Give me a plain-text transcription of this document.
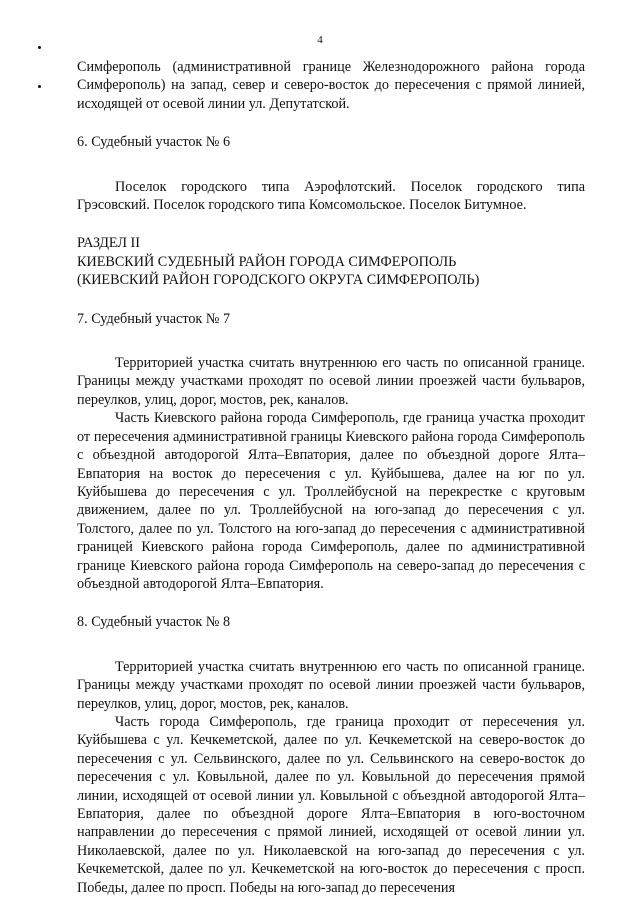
4

Симферополь (административной границе Железнодорожного района города Симферополь) на запад, север и северо-восток до пересечения с прямой линией, исходящей от осевой линии ул. Депутатской.

6. Судебный участок № 6

Поселок городского типа Аэрофлотский. Поселок городского типа Грэсовский. Поселок городского типа Комсомольское. Поселок Битумное.

РАЗДЕЛ II

КИЕВСКИЙ СУДЕБНЫЙ РАЙОН ГОРОДА СИМФЕРОПОЛЬ

(КИЕВСКИЙ РАЙОН ГОРОДСКОГО ОКРУГА СИМФЕРОПОЛЬ)

7. Судебный участок № 7

Территорией участка считать внутреннюю его часть по описанной границе. Границы между участками проходят по осевой линии проезжей части бульваров, переулков, улиц, дорог, мостов, рек, каналов.

Часть Киевского района города Симферополь, где граница участка проходит от пересечения административной границы Киевского района города Симферополь с объездной автодорогой Ялта–Евпатория, далее по объездной дороге Ялта–Евпатория на восток до пересечения с ул. Куйбышева, далее на юг по ул. Куйбышева до пересечения с ул. Троллейбусной на перекрестке с круговым движением, далее по ул. Троллейбусной на юго-запад до пересечения с ул. Толстого, далее по ул. Толстого на юго-запад до пересечения с административной границей Киевского района города Симферополь, далее по административной границе Киевского района города Симферополь на северо-запад до пересечения с объездной автодорогой Ялта–Евпатория.

8. Судебный участок № 8

Территорией участка считать внутреннюю его часть по описанной границе. Границы между участками проходят по осевой линии проезжей части бульваров, переулков, улиц, дорог, мостов, рек, каналов.

Часть города Симферополь, где граница проходит от пересечения ул. Куйбышева с ул. Кечкеметской, далее по ул. Кечкеметской на северо-восток до пересечения с ул. Сельвинского, далее по ул. Сельвинского на северо-восток до пересечения с ул. Ковыльной, далее по ул. Ковыльной до пересечения прямой линии, исходящей от осевой линии ул. Ковыльной с объездной автодорогой Ялта–Евпатория, далее по объездной дороге Ялта–Евпатория в юго-восточном направлении до пересечения с прямой линией, исходящей от осевой линии ул. Николаевской, далее по ул. Николаевской на юго-запад до пересечения с ул. Кечкеметской, далее по ул. Кечкеметской на юго-восток до пересечения с просп. Победы, далее по просп. Победы на юго-запад до пересечения
